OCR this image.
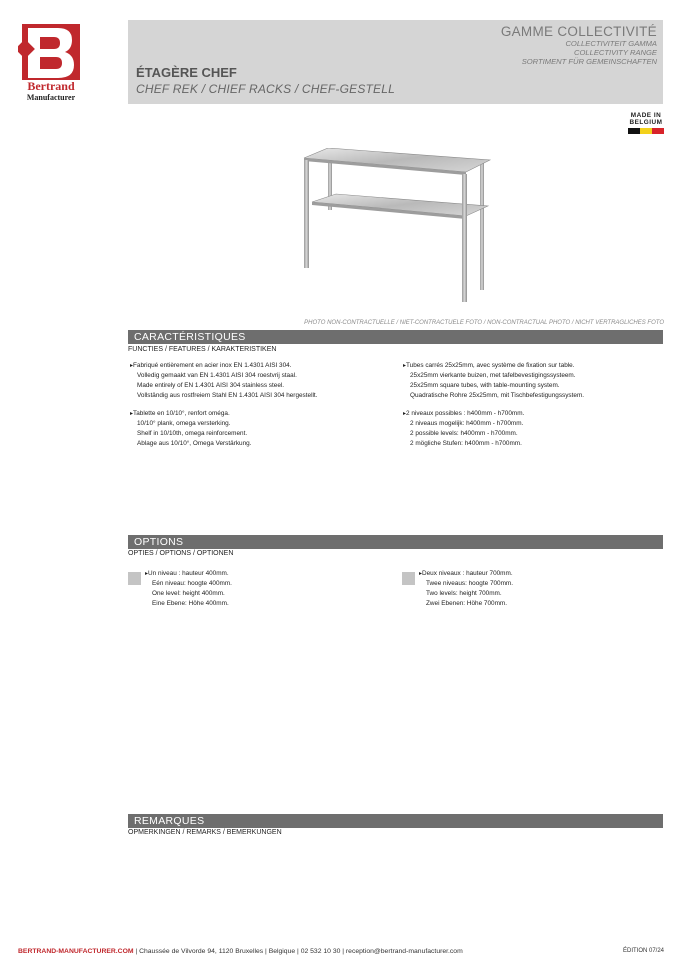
Bertrand
Manufacturer
GAMME COLLECTIVITÉ
COLLECTIVITEIT GAMMA
COLLECTIVITY RANGE
SORTIMENT FÜR GEMEINSCHAFTEN
ÉTAGÈRE CHEF
CHEF REK / CHIEF RACKS / CHEF-GESTELL
MADE IN
BELGIUM
PHOTO NON-CONTRACTUELLE / NIET-CONTRACTUELE FOTO / NON-CONTRACTUAL PHOTO / NICHT VERTRAGLICHES FOTO
CARACTÉRISTIQUES
FUNCTIES / FEATURES / KARAKTERISTIKEN
▸ Fabriqué entièrement en acier inox EN 1.4301 AISI 304.
Volledig gemaakt van EN 1.4301 AISI 304 roestvrij staal.
Made entirely of EN 1.4301 AISI 304 stainless steel.
Vollständig aus rostfreiem Stahl EN 1.4301 AISI 304 hergestellt.
▸ Tablette en 10/10°, renfort oméga.
10/10° plank, omega versterking.
Shelf in 10/10th, omega reinforcement.
Ablage aus 10/10°, Omega Verstärkung.
▸ Tubes carrés 25x25mm, avec système de fixation sur table.
25x25mm vierkante buizen, met tafelbevestigingssysteem.
25x25mm square tubes, with table-mounting system.
Quadratische Rohre 25x25mm, mit Tischbefestigungssystem.
▸ 2 niveaux possibles : h400mm - h700mm.
2 niveaus mogelijk: h400mm - h700mm.
2 possible levels: h400mm - h700mm.
2 mögliche Stufen: h400mm - h700mm.
OPTIONS
OPTIES / OPTIONS / OPTIONEN
▸ Un niveau : hauteur 400mm.
Eén niveau: hoogte 400mm.
One level: height 400mm.
Eine Ebene: Höhe 400mm.
▸ Deux niveaux : hauteur 700mm.
Twee niveaus: hoogte 700mm.
Two levels: height 700mm.
Zwei Ebenen: Höhe 700mm.
REMARQUES
OPMERKINGEN / REMARKS / BEMERKUNGEN
BERTRAND-MANUFACTURER.COM | Chaussée de Vilvorde 94, 1120 Bruxelles | Belgique | 02 532 10 30 | reception@bertrand-manufacturer.com	ÉDITION 07/24
